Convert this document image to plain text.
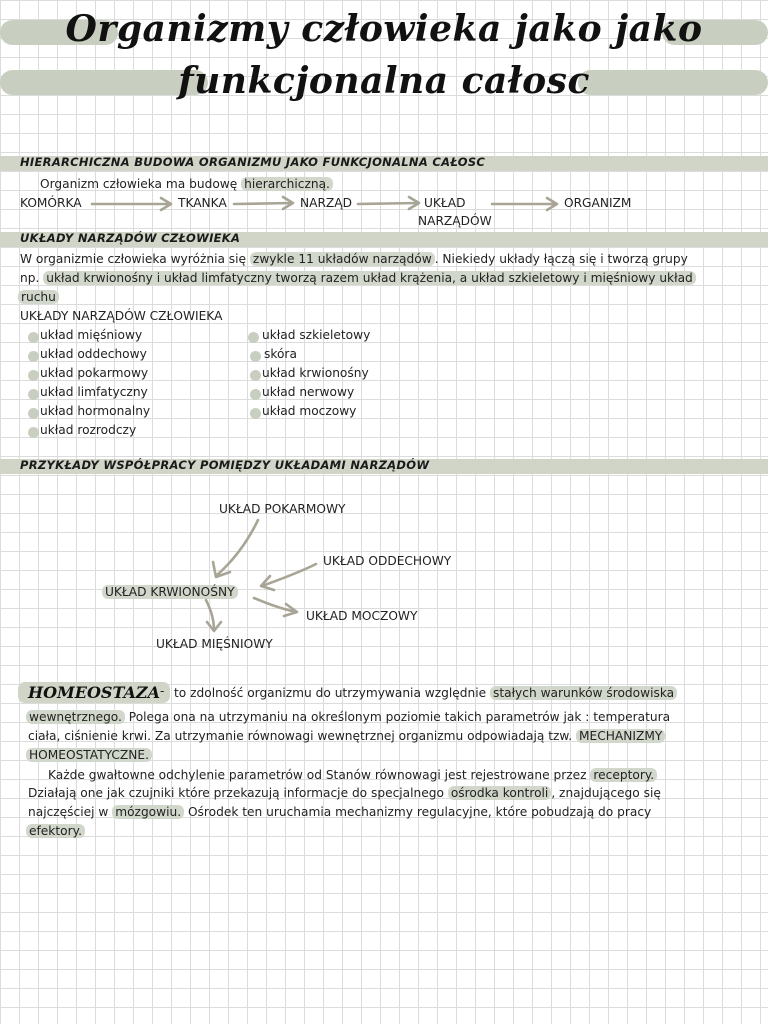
Organizmy człowieka jako jako
funkcjonalna całosc
HIERARCHICZNA BUDOWA ORGANIZMU JAKO FUNKCJONALNA CAŁOSC
Organizm człowieka ma budowę hierarchiczną.
KOMÓRKA	TKANKA	NARZĄD	UKŁAD
NARZĄDÓW
ORGANIZM
UKŁADY NARZĄDÓW CZŁOWIEKA
W organizmie człowieka wyróżnia się zwykle 11 układów narządów . Niekiedy układy łączą się i tworzą grupy
np. układ krwionośny i układ limfatyczny tworzą razem układ krążenia, a układ szkieletowy i mięśniowy układ
ruchu
UKŁADY NARZĄDÓW CZŁOWIEKA
układ mięśniowy
układ oddechowy
układ pokarmowy
układ limfatyczny
układ hormonalny
układ rozrodczy
układ szkieletowy
skóra
układ krwionośny
układ nerwowy
układ moczowy
PRZYKŁADY WSPÓŁPRACY POMIĘDZY UKŁADAMI NARZĄDÓW
UKŁAD POKARMOWY
UKŁAD ODDECHOWY
UKŁAD KRWIONOŚNY
UKŁAD MOCZOWY
UKŁAD MIĘŚNIOWY
HOMEOSTAZA - to zdolność organizmu do utrzymywania względnie stałych warunków środowiska
wewnętrznego. Polega ona na utrzymaniu na określonym poziomie takich parametrów jak : temperatura
ciała, ciśnienie krwi. Za utrzymanie równowagi wewnętrznej organizmu odpowiadają tzw. MECHANIZMY
HOMEOSTATYCZNE.
Każde gwałtowne odchylenie parametrów od Stanów równowagi jest rejestrowane przez receptory.
Działają one jak czujniki które przekazują informacje do specjalnego ośrodka kontroli , znajdującego się
najczęściej w mózgowiu. Ośrodek ten uruchamia mechanizmy regulacyjne, które pobudzają do pracy
efektory.
